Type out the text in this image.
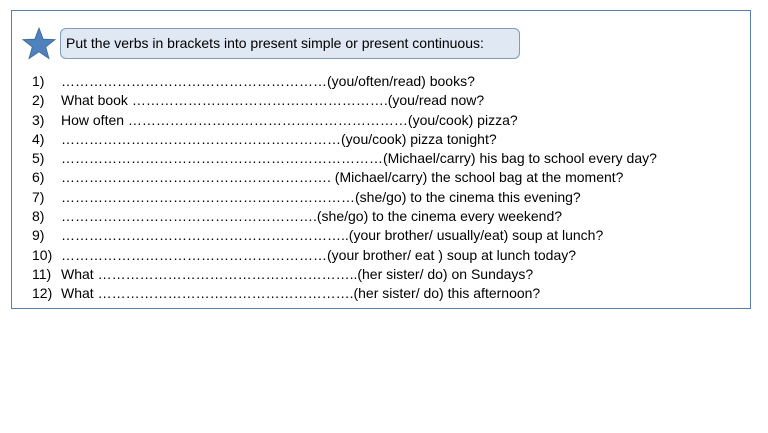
Put the verbs in brackets into present simple or present continuous:
1) …………………………………………………(you/often/read) books?
2) What book ……………………………………………….(you/read now?
3) How often ……………………………………………………(you/cook) pizza?
4) ……………………………………………………(you/cook) pizza tonight?
5) ……………………………………………………………(Michael/carry) his bag to school every day?
6) …………………………………………………. (Michael/carry) the school bag at the moment?
7) ………………………………………………………(she/go) to the cinema this evening?
8) ……………………………………………….(she/go) to the cinema every weekend?
9) ……………………………………………………..(your brother/ usually/eat) soup at lunch?
10) …………………………………………………(your brother/ eat ) soup at lunch today?
11) What ………………………………………………..(her sister/ do) on Sundays?
12) What ……………………………………………….(her sister/ do) this afternoon?
